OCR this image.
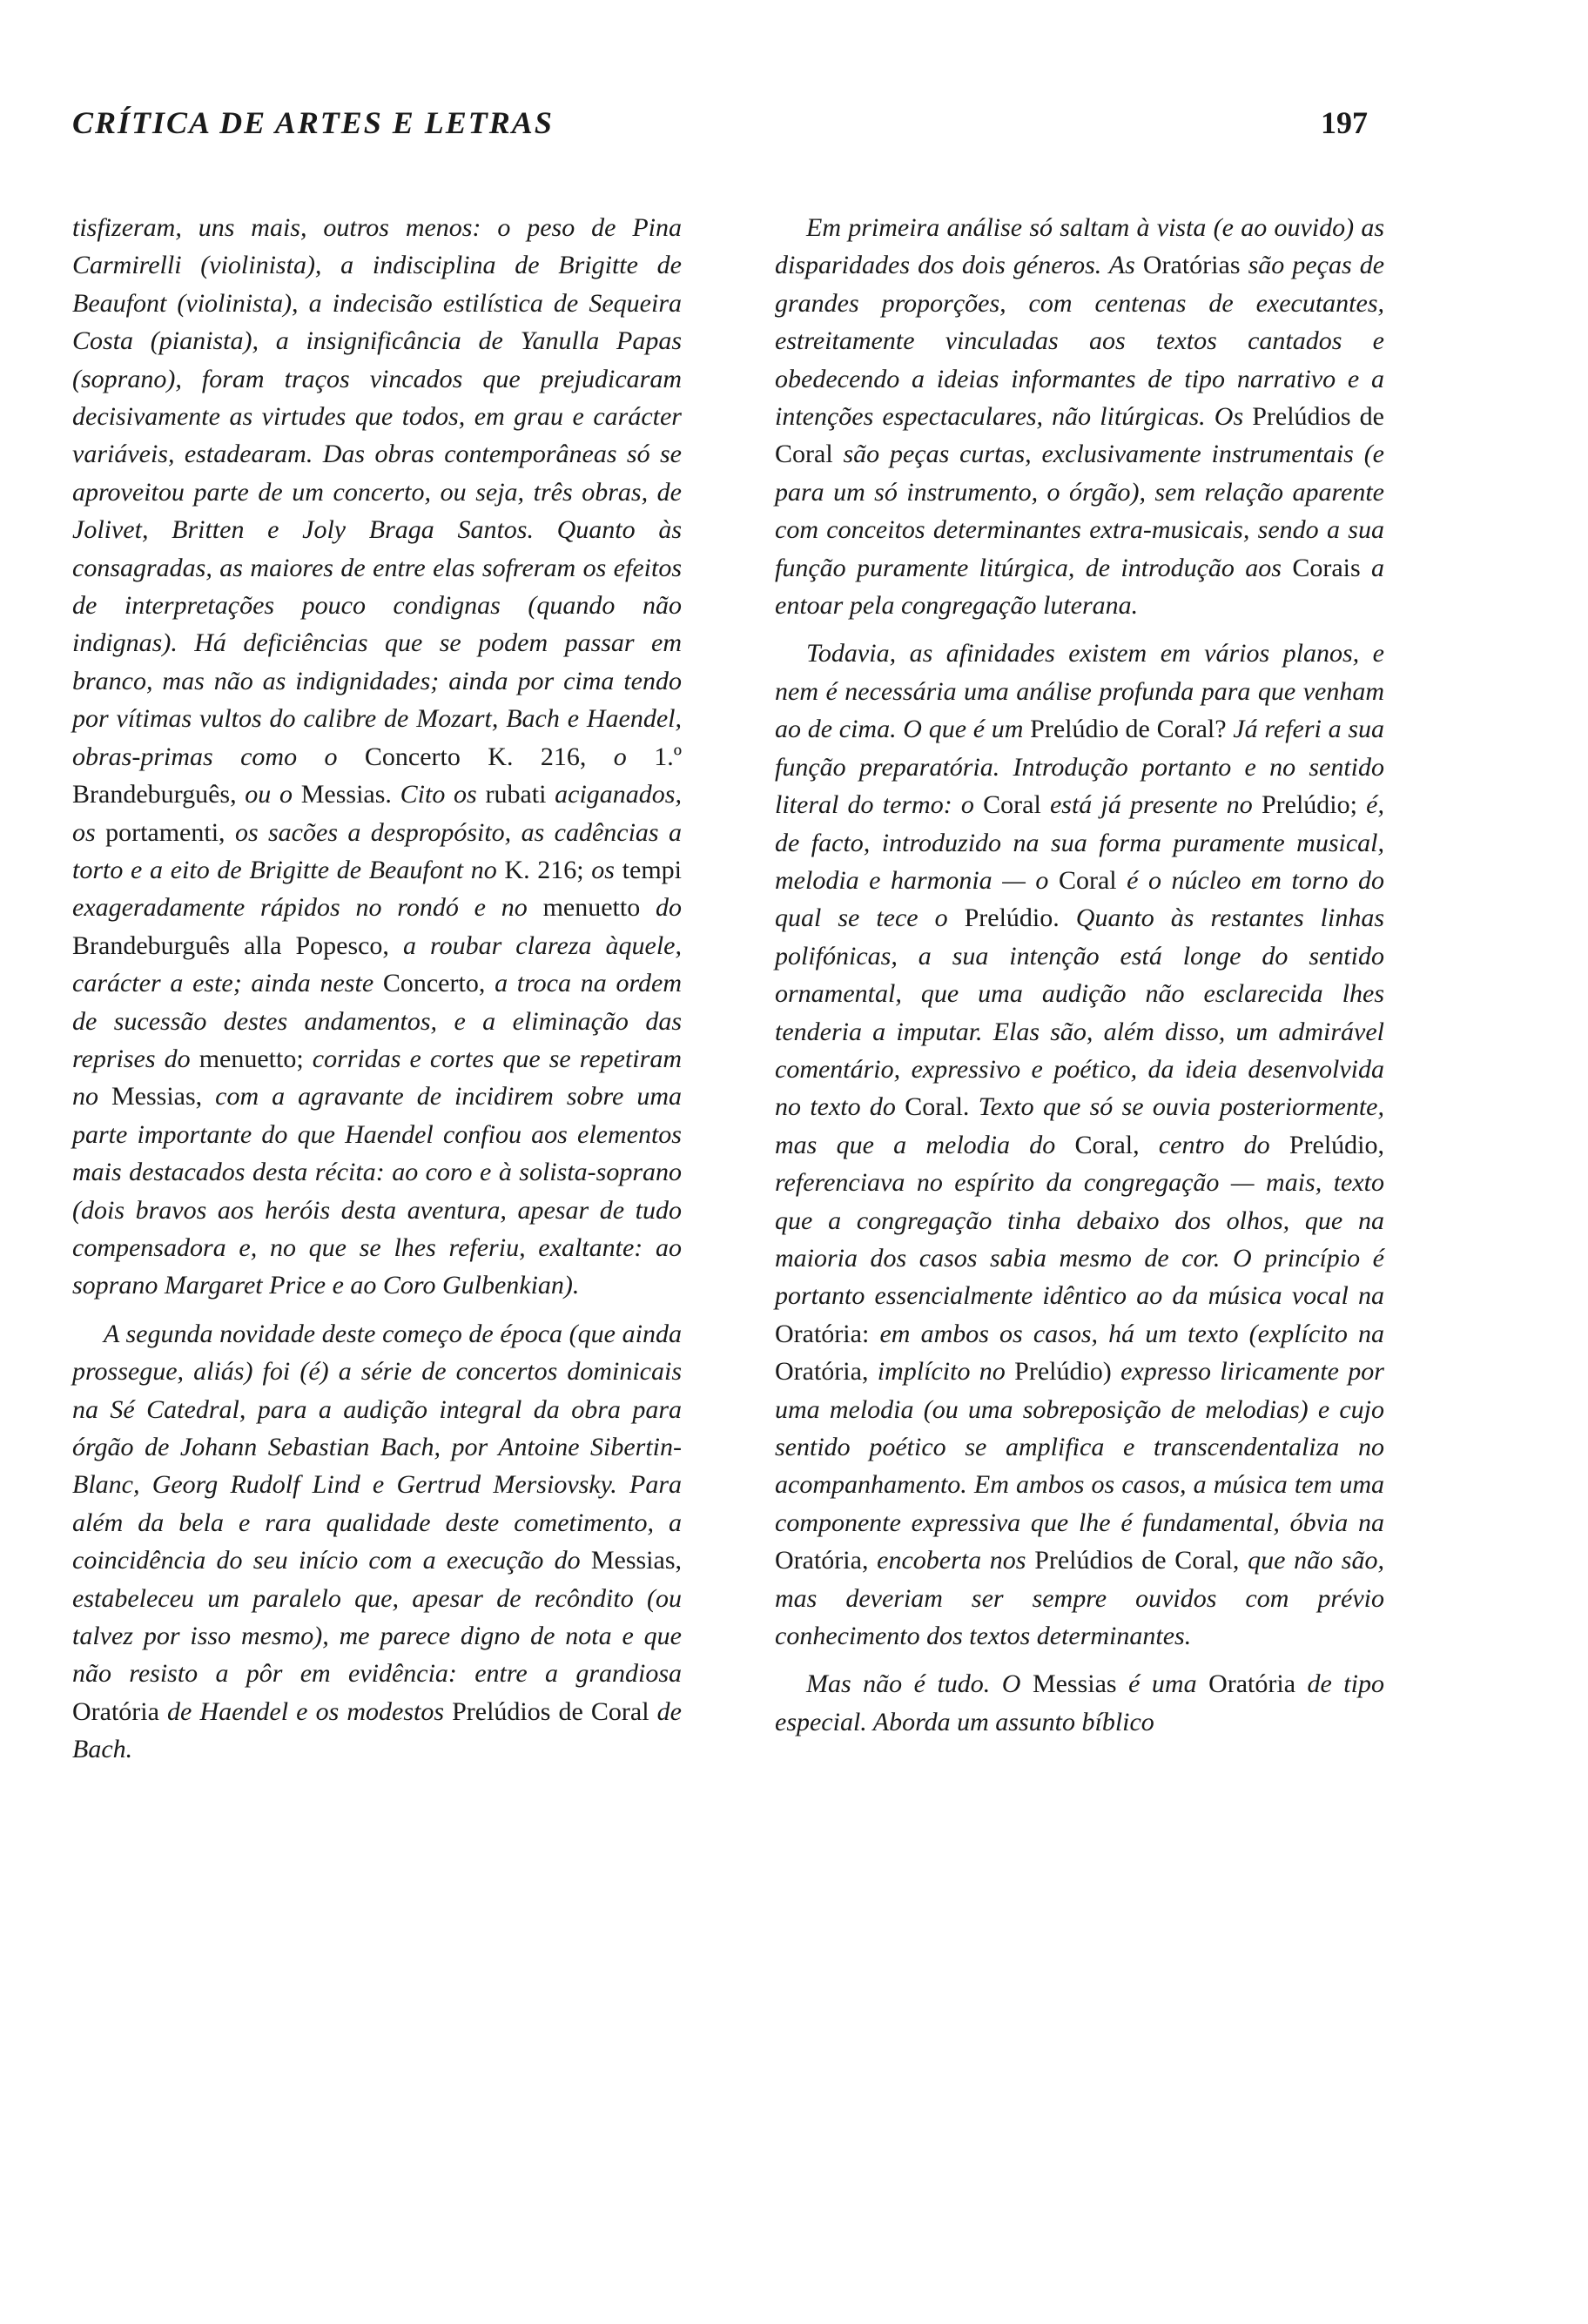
CRÍTICA DE ARTES E LETRAS	197

tisfizeram, uns mais, outros menos: o peso de Pina Carmirelli (violinista), a indisciplina de Brigitte de Beaufont (violinista), a indecisão estilística de Sequeira Costa (pianista), a insignificância de Yanulla Papas (soprano), foram traços vincados que prejudicaram decisivamente as virtudes que todos, em grau e carácter variáveis, estadearam. Das obras contemporâneas só se aproveitou parte de um concerto, ou seja, três obras, de Jolivet, Britten e Joly Braga Santos. Quanto às consagradas, as maiores de entre elas sofreram os efeitos de interpretações pouco condignas (quando não indignas). Há deficiências que se podem passar em branco, mas não as indignidades; ainda por cima tendo por vítimas vultos do calibre de Mozart, Bach e Haendel, obras-primas como o Concerto K. 216, o 1.º Brandeburguês, ou o Messias. Cito os rubati aciganados, os portamenti, os sacões a despropósito, as cadências a torto e a eito de Brigitte de Beaufont no K. 216; os tempi exageradamente rápidos no rondó e no menuetto do Brandeburguês alla Popesco, a roubar clareza àquele, carácter a este; ainda neste Concerto, a troca na ordem de sucessão destes andamentos, e a eliminação das reprises do menuetto; corridas e cortes que se repetiram no Messias, com a agravante de incidirem sobre uma parte importante do que Haendel confiou aos elementos mais destacados desta récita: ao coro e à solista-soprano (dois bravos aos heróis desta aventura, apesar de tudo compensadora e, no que se lhes referiu, exaltante: ao soprano Margaret Price e ao Coro Gulbenkian).

A segunda novidade deste começo de época (que ainda prossegue, aliás) foi (é) a série de concertos dominicais na Sé Catedral, para a audição integral da obra para órgão de Johann Sebastian Bach, por Antoine Sibertin-Blanc, Georg Rudolf Lind e Gertrud Mersiovsky. Para além da bela e rara qualidade deste cometimento, a coincidência do seu início com a execução do Messias, estabeleceu um paralelo que, apesar de recôndito (ou talvez por isso mesmo), me parece digno de nota e que não resisto a pôr em evidência: entre a grandiosa Oratória de Haendel e os modestos Prelúdios de Coral de Bach.

Em primeira análise só saltam à vista (e ao ouvido) as disparidades dos dois géneros. As Oratórias são peças de grandes proporções, com centenas de executantes, estreitamente vinculadas aos textos cantados e obedecendo a ideias informantes de tipo narrativo e a intenções espectaculares, não litúrgicas. Os Prelúdios de Coral são peças curtas, exclusivamente instrumentais (e para um só instrumento, o órgão), sem relação aparente com conceitos determinantes extra-musicais, sendo a sua função puramente litúrgica, de introdução aos Corais a entoar pela congregação luterana.

Todavia, as afinidades existem em vários planos, e nem é necessária uma análise profunda para que venham ao de cima. O que é um Prelúdio de Coral? Já referi a sua função preparatória. Introdução portanto e no sentido literal do termo: o Coral está já presente no Prelúdio; é, de facto, introduzido na sua forma puramente musical, melodia e harmonia — o Coral é o núcleo em torno do qual se tece o Prelúdio. Quanto às restantes linhas polifónicas, a sua intenção está longe do sentido ornamental, que uma audição não esclarecida lhes tenderia a imputar. Elas são, além disso, um admirável comentário, expressivo e poético, da ideia desenvolvida no texto do Coral. Texto que só se ouvia posteriormente, mas que a melodia do Coral, centro do Prelúdio, referenciava no espírito da congregação — mais, texto que a congregação tinha debaixo dos olhos, que na maioria dos casos sabia mesmo de cor. O princípio é portanto essencialmente idêntico ao da música vocal na Oratória: em ambos os casos, há um texto (explícito na Oratória, implícito no Prelúdio) expresso liricamente por uma melodia (ou uma sobreposição de melodias) e cujo sentido poético se amplifica e transcendentaliza no acompanhamento. Em ambos os casos, a música tem uma componente expressiva que lhe é fundamental, óbvia na Oratória, encoberta nos Prelúdios de Coral, que não são, mas deveriam ser sempre ouvidos com prévio conhecimento dos textos determinantes.

Mas não é tudo. O Messias é uma Oratória de tipo especial. Aborda um assunto bíblico
